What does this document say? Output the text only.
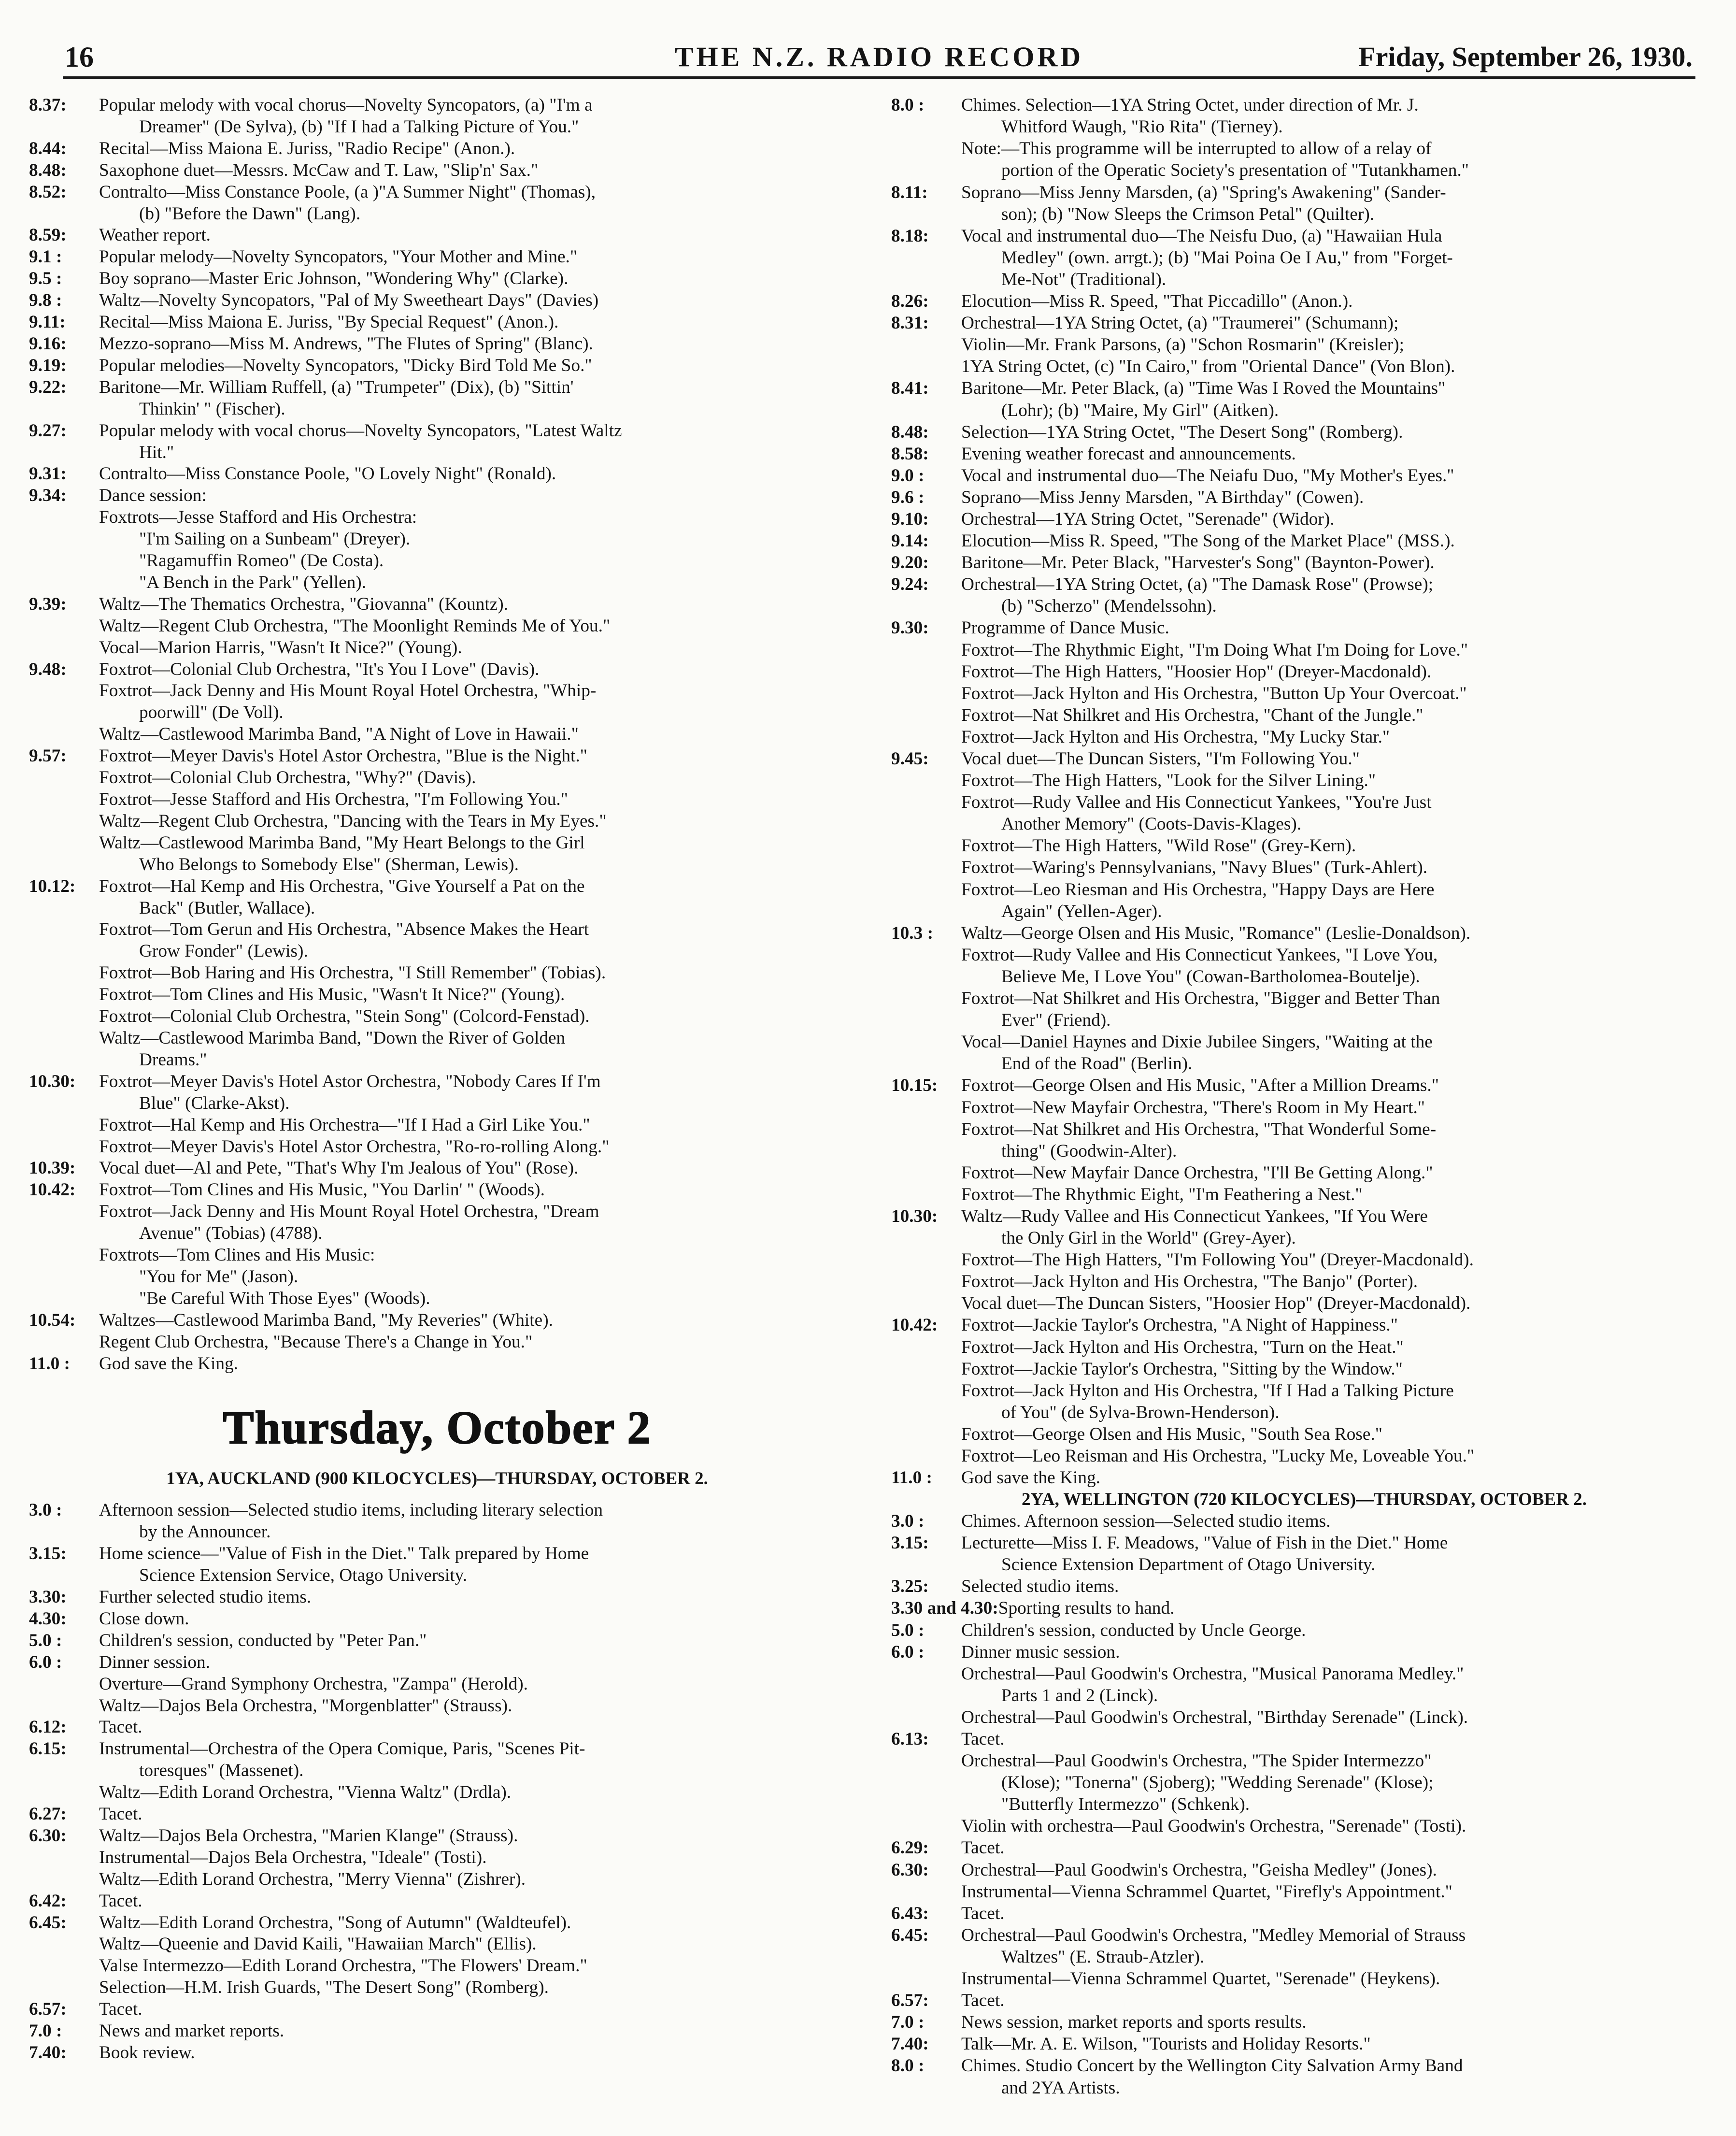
16	THE N.Z. RADIO RECORD	Friday, September 26, 1930.
8.37:	Popular melody with vocal chorus—Novelty Syncopators, (a) "I'm a
Dreamer" (De Sylva), (b) "If I had a Talking Picture of You."
8.44:	Recital—Miss Maiona E. Juriss, "Radio Recipe" (Anon.).
8.48:	Saxophone duet—Messrs. McCaw and T. Law, "Slip'n' Sax."
8.52:	Contralto—Miss Constance Poole, (a )"A Summer Night" (Thomas),
(b) "Before the Dawn" (Lang).
8.59:	Weather report.
9.1 :	Popular melody—Novelty Syncopators, "Your Mother and Mine."
9.5 :	Boy soprano—Master Eric Johnson, "Wondering Why" (Clarke).
9.8 :	Waltz—Novelty Syncopators, "Pal of My Sweetheart Days" (Davies)
9.11:	Recital—Miss Maiona E. Juriss, "By Special Request" (Anon.).
9.16:	Mezzo-soprano—Miss M. Andrews, "The Flutes of Spring" (Blanc).
9.19:	Popular melodies—Novelty Syncopators, "Dicky Bird Told Me So."
9.22:	Baritone—Mr. William Ruffell, (a) "Trumpeter" (Dix), (b) "Sittin'
Thinkin' " (Fischer).
9.27:	Popular melody with vocal chorus—Novelty Syncopators, "Latest Waltz
Hit."
9.31:	Contralto—Miss Constance Poole, "O Lovely Night" (Ronald).
9.34:	Dance session:
Foxtrots—Jesse Stafford and His Orchestra:
"I'm Sailing on a Sunbeam" (Dreyer).
"Ragamuffin Romeo" (De Costa).
"A Bench in the Park" (Yellen).
9.39:	Waltz—The Thematics Orchestra, "Giovanna" (Kountz).
Waltz—Regent Club Orchestra, "The Moonlight Reminds Me of You."
Vocal—Marion Harris, "Wasn't It Nice?" (Young).
9.48:	Foxtrot—Colonial Club Orchestra, "It's You I Love" (Davis).
Foxtrot—Jack Denny and His Mount Royal Hotel Orchestra, "Whip-
poorwill" (De Voll).
Waltz—Castlewood Marimba Band, "A Night of Love in Hawaii."
9.57:	Foxtrot—Meyer Davis's Hotel Astor Orchestra, "Blue is the Night."
Foxtrot—Colonial Club Orchestra, "Why?" (Davis).
Foxtrot—Jesse Stafford and His Orchestra, "I'm Following You."
Waltz—Regent Club Orchestra, "Dancing with the Tears in My Eyes."
Waltz—Castlewood Marimba Band, "My Heart Belongs to the Girl
Who Belongs to Somebody Else" (Sherman, Lewis).
10.12:	Foxtrot—Hal Kemp and His Orchestra, "Give Yourself a Pat on the
Back" (Butler, Wallace).
Foxtrot—Tom Gerun and His Orchestra, "Absence Makes the Heart
Grow Fonder" (Lewis).
Foxtrot—Bob Haring and His Orchestra, "I Still Remember" (Tobias).
Foxtrot—Tom Clines and His Music, "Wasn't It Nice?" (Young).
Foxtrot—Colonial Club Orchestra, "Stein Song" (Colcord-Fenstad).
Waltz—Castlewood Marimba Band, "Down the River of Golden
Dreams."
10.30:	Foxtrot—Meyer Davis's Hotel Astor Orchestra, "Nobody Cares If I'm
Blue" (Clarke-Akst).
Foxtrot—Hal Kemp and His Orchestra—"If I Had a Girl Like You."
Foxtrot—Meyer Davis's Hotel Astor Orchestra, "Ro-ro-rolling Along."
10.39:	Vocal duet—Al and Pete, "That's Why I'm Jealous of You" (Rose).
10.42:	Foxtrot—Tom Clines and His Music, "You Darlin' " (Woods).
Foxtrot—Jack Denny and His Mount Royal Hotel Orchestra, "Dream
Avenue" (Tobias) (4788).
Foxtrots—Tom Clines and His Music:
"You for Me" (Jason).
"Be Careful With Those Eyes" (Woods).
10.54:	Waltzes—Castlewood Marimba Band, "My Reveries" (White).
Regent Club Orchestra, "Because There's a Change in You."
11.0 :	God save the King.
Thursday, October 2
1YA, AUCKLAND (900 KILOCYCLES)—THURSDAY, OCTOBER 2.
3.0 :	Afternoon session—Selected studio items, including literary selection
by the Announcer.
3.15:	Home science—"Value of Fish in the Diet." Talk prepared by Home
Science Extension Service, Otago University.
3.30:	Further selected studio items.
4.30:	Close down.
5.0 :	Children's session, conducted by "Peter Pan."
6.0 :	Dinner session.
Overture—Grand Symphony Orchestra, "Zampa" (Herold).
Waltz—Dajos Bela Orchestra, "Morgenblatter" (Strauss).
6.12:	Tacet.
6.15:	Instrumental—Orchestra of the Opera Comique, Paris, "Scenes Pit-
toresques" (Massenet).
Waltz—Edith Lorand Orchestra, "Vienna Waltz" (Drdla).
6.27:	Tacet.
6.30:	Waltz—Dajos Bela Orchestra, "Marien Klange" (Strauss).
Instrumental—Dajos Bela Orchestra, "Ideale" (Tosti).
Waltz—Edith Lorand Orchestra, "Merry Vienna" (Zishrer).
6.42:	Tacet.
6.45:	Waltz—Edith Lorand Orchestra, "Song of Autumn" (Waldteufel).
Waltz—Queenie and David Kaili, "Hawaiian March" (Ellis).
Valse Intermezzo—Edith Lorand Orchestra, "The Flowers' Dream."
Selection—H.M. Irish Guards, "The Desert Song" (Romberg).
6.57:	Tacet.
7.0 :	News and market reports.
7.40:	Book review.
8.0 :	Chimes. Selection—1YA String Octet, under direction of Mr. J.
Whitford Waugh, "Rio Rita" (Tierney).
Note:—This programme will be interrupted to allow of a relay of
portion of the Operatic Society's presentation of "Tutankhamen."
8.11:	Soprano—Miss Jenny Marsden, (a) "Spring's Awakening" (Sander-
son); (b) "Now Sleeps the Crimson Petal" (Quilter).
8.18:	Vocal and instrumental duo—The Neisfu Duo, (a) "Hawaiian Hula
Medley" (own. arrgt.); (b) "Mai Poina Oe I Au," from "Forget-
Me-Not" (Traditional).
8.26:	Elocution—Miss R. Speed, "That Piccadillo" (Anon.).
8.31:	Orchestral—1YA String Octet, (a) "Traumerei" (Schumann);
Violin—Mr. Frank Parsons, (a) "Schon Rosmarin" (Kreisler);
1YA String Octet, (c) "In Cairo," from "Oriental Dance" (Von Blon).
8.41:	Baritone—Mr. Peter Black, (a) "Time Was I Roved the Mountains"
(Lohr); (b) "Maire, My Girl" (Aitken).
8.48:	Selection—1YA String Octet, "The Desert Song" (Romberg).
8.58:	Evening weather forecast and announcements.
9.0 :	Vocal and instrumental duo—The Neiafu Duo, "My Mother's Eyes."
9.6 :	Soprano—Miss Jenny Marsden, "A Birthday" (Cowen).
9.10:	Orchestral—1YA String Octet, "Serenade" (Widor).
9.14:	Elocution—Miss R. Speed, "The Song of the Market Place" (MSS.).
9.20:	Baritone—Mr. Peter Black, "Harvester's Song" (Baynton-Power).
9.24:	Orchestral—1YA String Octet, (a) "The Damask Rose" (Prowse);
(b) "Scherzo" (Mendelssohn).
9.30:	Programme of Dance Music.
Foxtrot—The Rhythmic Eight, "I'm Doing What I'm Doing for Love."
Foxtrot—The High Hatters, "Hoosier Hop" (Dreyer-Macdonald).
Foxtrot—Jack Hylton and His Orchestra, "Button Up Your Overcoat."
Foxtrot—Nat Shilkret and His Orchestra, "Chant of the Jungle."
Foxtrot—Jack Hylton and His Orchestra, "My Lucky Star."
9.45:	Vocal duet—The Duncan Sisters, "I'm Following You."
Foxtrot—The High Hatters, "Look for the Silver Lining."
Foxtrot—Rudy Vallee and His Connecticut Yankees, "You're Just
Another Memory" (Coots-Davis-Klages).
Foxtrot—The High Hatters, "Wild Rose" (Grey-Kern).
Foxtrot—Waring's Pennsylvanians, "Navy Blues" (Turk-Ahlert).
Foxtrot—Leo Riesman and His Orchestra, "Happy Days are Here
Again" (Yellen-Ager).
10.3 :	Waltz—George Olsen and His Music, "Romance" (Leslie-Donaldson).
Foxtrot—Rudy Vallee and His Connecticut Yankees, "I Love You,
Believe Me, I Love You" (Cowan-Bartholomea-Boutelje).
Foxtrot—Nat Shilkret and His Orchestra, "Bigger and Better Than
Ever" (Friend).
Vocal—Daniel Haynes and Dixie Jubilee Singers, "Waiting at the
End of the Road" (Berlin).
10.15:	Foxtrot—George Olsen and His Music, "After a Million Dreams."
Foxtrot—New Mayfair Orchestra, "There's Room in My Heart."
Foxtrot—Nat Shilkret and His Orchestra, "That Wonderful Some-
thing" (Goodwin-Alter).
Foxtrot—New Mayfair Dance Orchestra, "I'll Be Getting Along."
Foxtrot—The Rhythmic Eight, "I'm Feathering a Nest."
10.30:	Waltz—Rudy Vallee and His Connecticut Yankees, "If You Were
the Only Girl in the World" (Grey-Ayer).
Foxtrot—The High Hatters, "I'm Following You" (Dreyer-Macdonald).
Foxtrot—Jack Hylton and His Orchestra, "The Banjo" (Porter).
Vocal duet—The Duncan Sisters, "Hoosier Hop" (Dreyer-Macdonald).
10.42:	Foxtrot—Jackie Taylor's Orchestra, "A Night of Happiness."
Foxtrot—Jack Hylton and His Orchestra, "Turn on the Heat."
Foxtrot—Jackie Taylor's Orchestra, "Sitting by the Window."
Foxtrot—Jack Hylton and His Orchestra, "If I Had a Talking Picture
of You" (de Sylva-Brown-Henderson).
Foxtrot—George Olsen and His Music, "South Sea Rose."
Foxtrot—Leo Reisman and His Orchestra, "Lucky Me, Loveable You."
11.0 :	God save the King.
2YA, WELLINGTON (720 KILOCYCLES)—THURSDAY, OCTOBER 2.
3.0 :	Chimes. Afternoon session—Selected studio items.
3.15:	Lecturette—Miss I. F. Meadows, "Value of Fish in the Diet." Home
Science Extension Department of Otago University.
3.25:	Selected studio items.
3.30 and 4.30: Sporting results to hand.
5.0 :	Children's session, conducted by Uncle George.
6.0 :	Dinner music session.
Orchestral—Paul Goodwin's Orchestra, "Musical Panorama Medley."
Parts 1 and 2 (Linck).
Orchestral—Paul Goodwin's Orchestral, "Birthday Serenade" (Linck).
6.13:	Tacet.
Orchestral—Paul Goodwin's Orchestra, "The Spider Intermezzo"
(Klose); "Tonerna" (Sjoberg); "Wedding Serenade" (Klose);
"Butterfly Intermezzo" (Schkenk).
Violin with orchestra—Paul Goodwin's Orchestra, "Serenade" (Tosti).
6.29:	Tacet.
6.30:	Orchestral—Paul Goodwin's Orchestra, "Geisha Medley" (Jones).
Instrumental—Vienna Schrammel Quartet, "Firefly's Appointment."
6.43:	Tacet.
6.45:	Orchestral—Paul Goodwin's Orchestra, "Medley Memorial of Strauss
Waltzes" (E. Straub-Atzler).
Instrumental—Vienna Schrammel Quartet, "Serenade" (Heykens).
6.57:	Tacet.
7.0 :	News session, market reports and sports results.
7.40:	Talk—Mr. A. E. Wilson, "Tourists and Holiday Resorts."
8.0 :	Chimes. Studio Concert by the Wellington City Salvation Army Band
and 2YA Artists.
